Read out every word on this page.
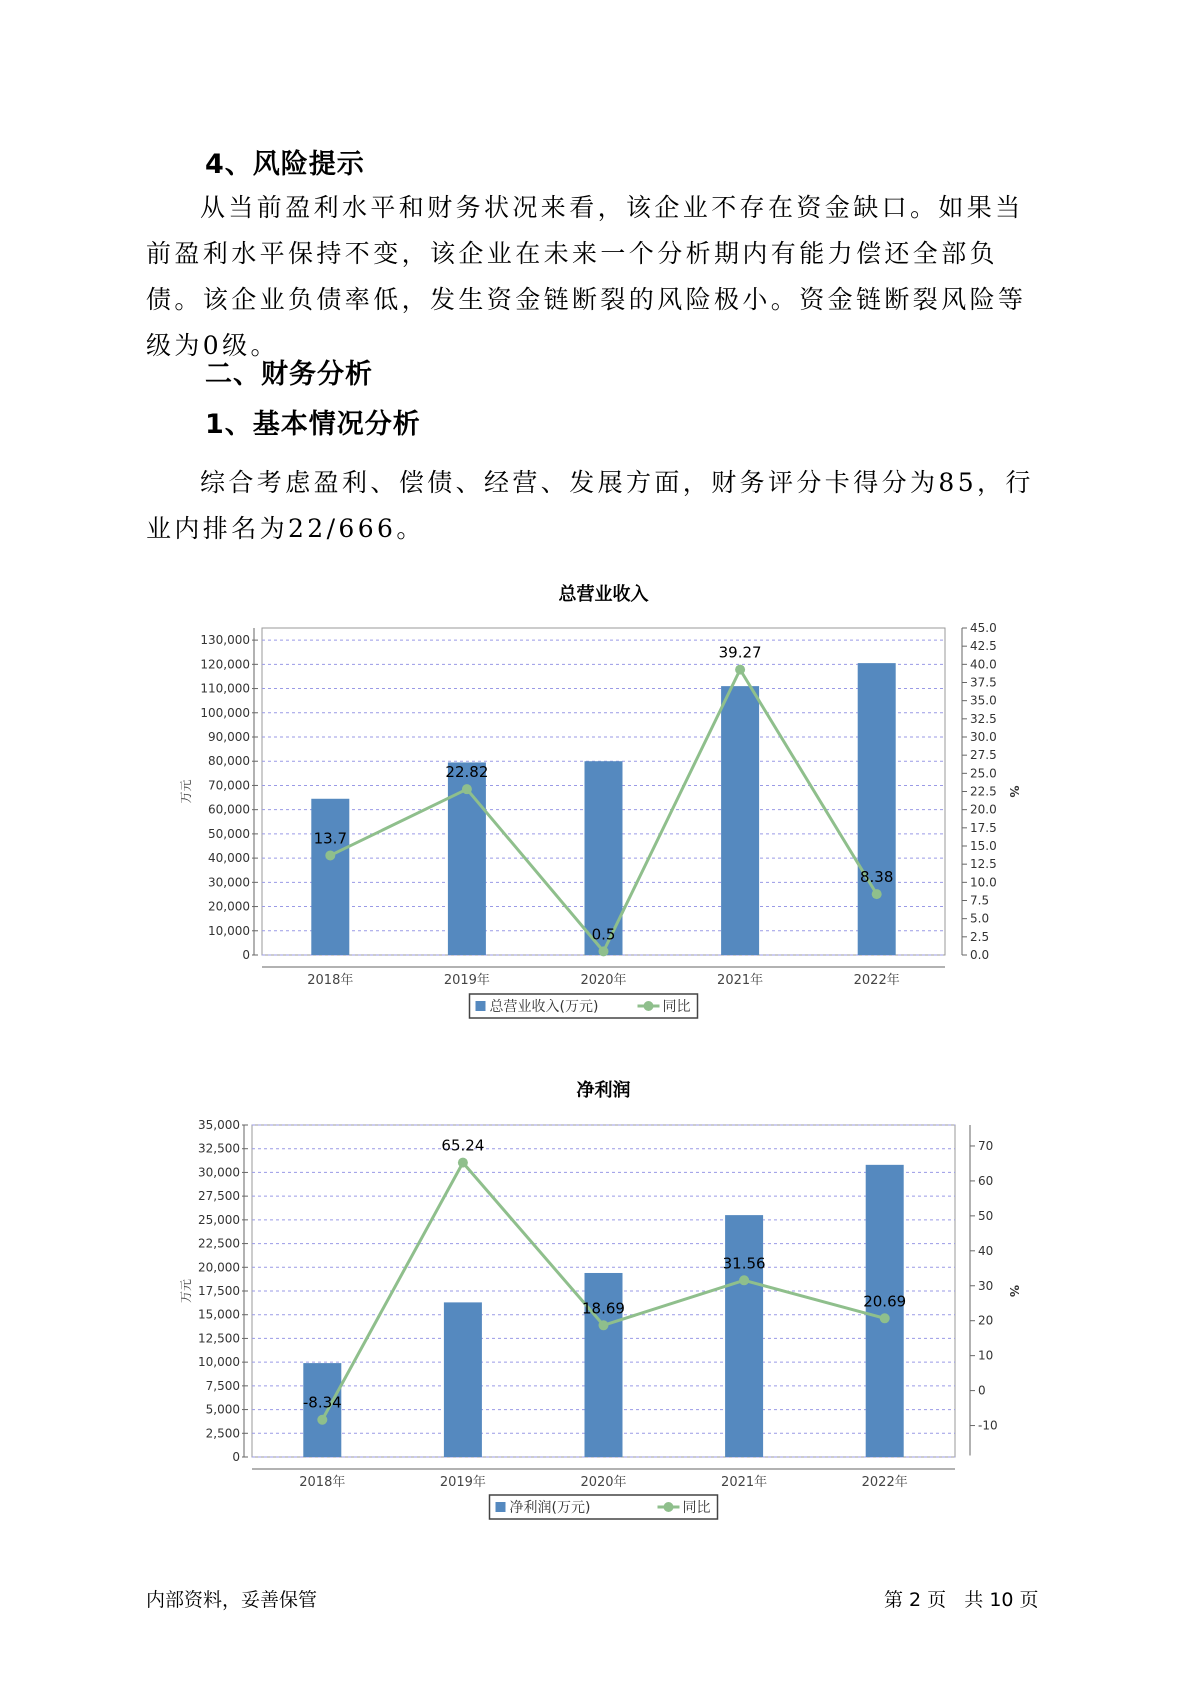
4、风险提示

从当前盈利水平和财务状况来看，该企业不存在资金缺口。如果当前盈利水平保持不变，该企业在未来一个分析期内有能力偿还全部负债。该企业负债率低，发生资金链断裂的风险极小。资金链断裂风险等级为0级。

二、财务分析
1、基本情况分析

综合考虑盈利、偿债、经营、发展方面，财务评分卡得分为85，行业内排名为22/666。

总营业收入
0
10,000
20,000
30,000
40,000
50,000
60,000
70,000
80,000
90,000
100,000
110,000
120,000
130,000
万元
0.0
2.5
5.0
7.5
10.0
12.5
15.0
17.5
20.0
22.5
25.0
27.5
30.0
32.5
35.0
37.5
40.0
42.5
45.0
%
2018年	2019年	2020年	2021年	2022年
13.7
22.82
0.5
39.27
8.38
总营业收入(万元)	同比
净利润
0
2,500
5,000
7,500
10,000
12,500
15,000
17,500
20,000
22,500
25,000
27,500
30,000
32,500
35,000
万元
-10
0
10
20
30
40
50
60
70
%
2018年	2019年	2020年	2021年	2022年
-8.34
65.24
18.69
31.56
20.69
净利润(万元)	同比
内部资料，妥善保管	第 2 页   共 10 页
